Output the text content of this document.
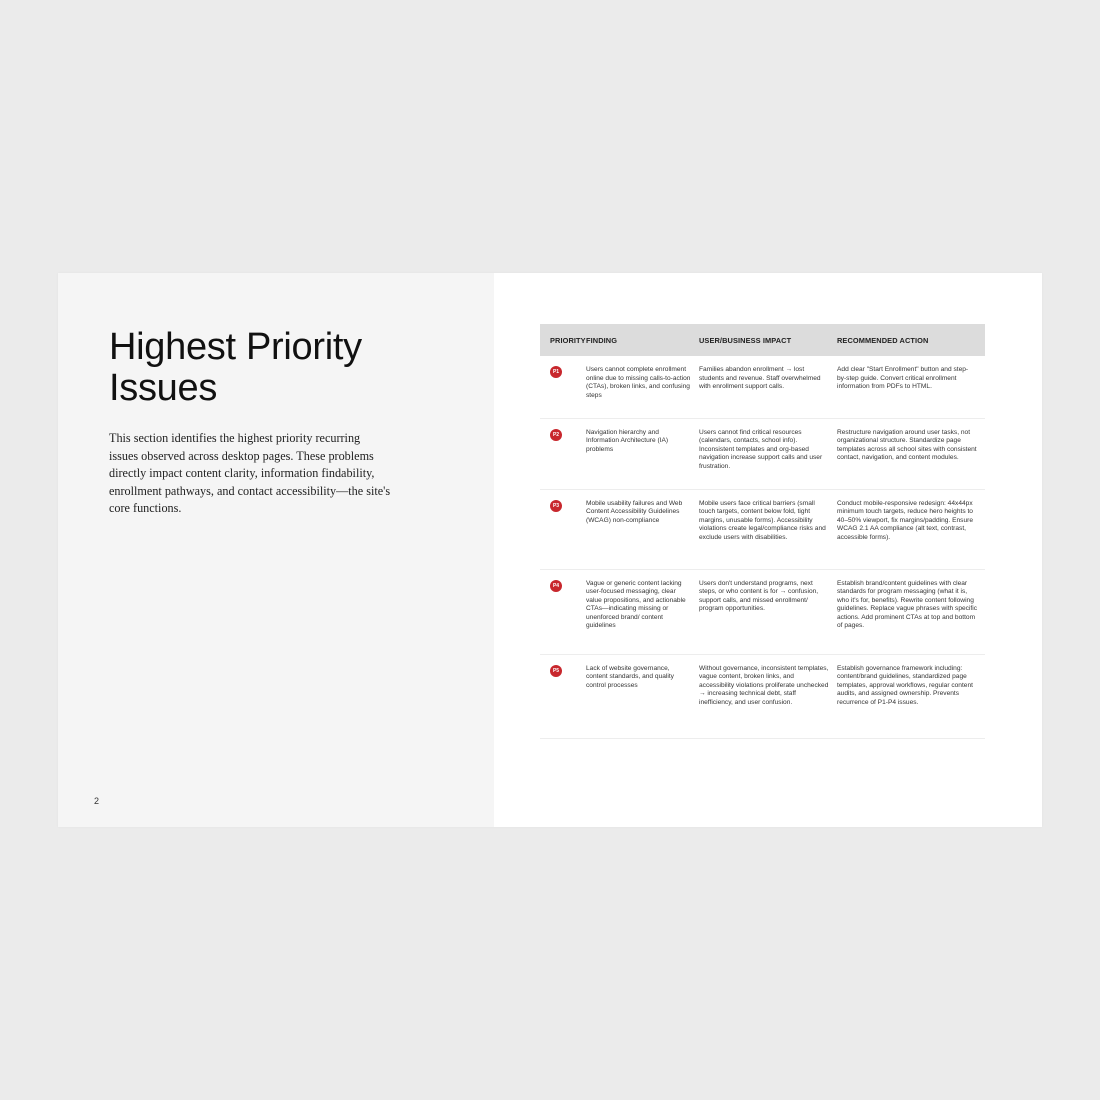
Highest Priority
Issues

This section identifies the highest priority recurring issues observed across desktop pages. These problems directly impact content clarity, information findability, enrollment pathways, and contact accessibility—the site's core functions.

2
PRIORITY	FINDING	USER/BUSINESS IMPACT	RECOMMENDED ACTION
P1	Users cannot complete enrollment online due to missing calls-to-action (CTAs), broken links, and confusing steps	Families abandon enrollment → lost students and revenue. Staff overwhelmed with enrollment support calls.	Add clear "Start Enrollment" button and step-by-step guide. Convert critical enrollment information from PDFs to HTML.
P2	Navigation hierarchy and Information Architecture (IA) problems	Users cannot find critical resources (calendars, contacts, school info). Inconsistent templates and org-based navigation increase support calls and user frustration.	Restructure navigation around user tasks, not organizational structure. Standardize page templates across all school sites with consistent contact, navigation, and content modules.
P3	Mobile usability failures and Web Content Accessibility Guidelines (WCAG) non-compliance	Mobile users face critical barriers (small touch targets, content below fold, tight margins, unusable forms). Accessibility violations create legal/compliance risks and exclude users with disabilities.	Conduct mobile-responsive redesign: 44x44px minimum touch targets, reduce hero heights to 40–50% viewport, fix margins/padding. Ensure WCAG 2.1 AA compliance (alt text, contrast, accessible forms).
P4	Vague or generic content lacking user-focused messaging, clear value propositions, and actionable CTAs—indicating missing or unenforced brand/ content guidelines	Users don't understand programs, next steps, or who content is for → confusion, support calls, and missed enrollment/ program opportunities.	Establish brand/content guidelines with clear standards for program messaging (what it is, who it's for, benefits). Rewrite content following guidelines. Replace vague phrases with specific actions. Add prominent CTAs at top and bottom of pages.
P5	Lack of website governance, content standards, and quality control processes	Without governance, inconsistent templates, vague content, broken links, and accessibility violations proliferate unchecked → increasing technical debt, staff inefficiency, and user confusion.	Establish governance framework including: content/brand guidelines, standardized page templates, approval workflows, regular content audits, and assigned ownership. Prevents recurrence of P1-P4 issues.
